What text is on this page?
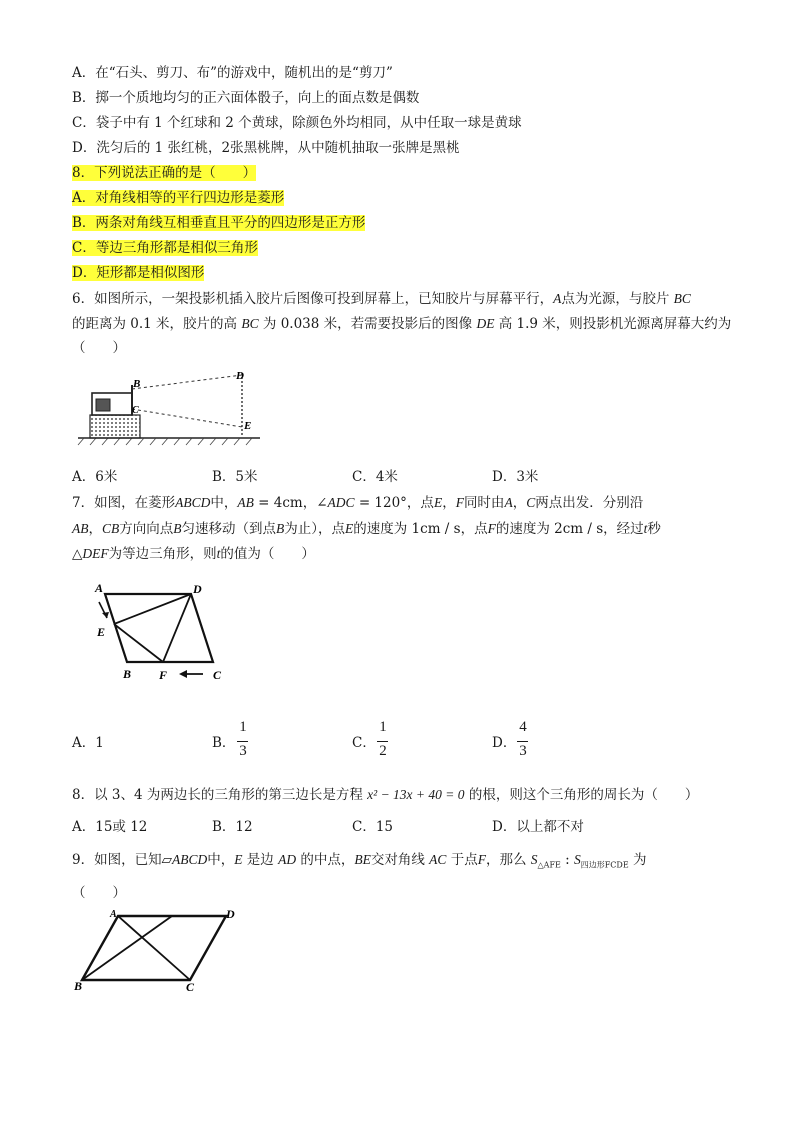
A．在“石头、剪刀、布”的游戏中，随机出的是“剪刀”
B．掷一个质地均匀的正六面体骰子，向上的面点数是偶数
C．袋子中有 1 个红球和 2 个黄球，除颜色外均相同，从中任取一球是黄球
D．洗匀后的 1 张红桃，2张黑桃牌，从中随机抽取一张牌是黑桃
8．下列说法正确的是（　　）
A．对角线相等的平行四边形是菱形
B．两条对角线互相垂直且平分的四边形是正方形
C．等边三角形都是相似三角形
D．矩形都是相似图形
6．如图所示，一架投影机插入胶片后图像可投到屏幕上，已知胶片与屏幕平行，A点为光源，与胶片 BC
的距离为 0.1 米，胶片的高 BC 为 0.038 米，若需要投影后的图像 DE 高 1.9 米，则投影机光源离屏幕大约为
（　　）
B
C
D
E
A．6米	B．5米	C．4米	D．3米
7．如图，在菱形ABCD中，AB = 4cm，∠ADC = 120°，点E，F同时由A，C两点出发．分别沿
AB，CB方向向点B匀速移动（到点B为止），点E的速度为 1cm / s，点F的速度为 2cm / s，经过t秒
△DEF为等边三角形，则t的值为（　　）
A	D
E
B F	C
A．1	B．
1
3	C．
1
2	D．
4
3
8．以 3、4 为两边长的三角形的第三边长是方程 x² − 13x + 40 = 0 的根，则这个三角形的周长为（　　）
A．15或 12	B．12	C．15	D．以上都不对
9．如图，已知▱ABCD中，E 是边 AD 的中点，BE交对角线 AC 于点F，那么 $S_{\triangle AFE}$ : $S_{四边形FCDE}$ 为
（　　）
A	D
B	C
